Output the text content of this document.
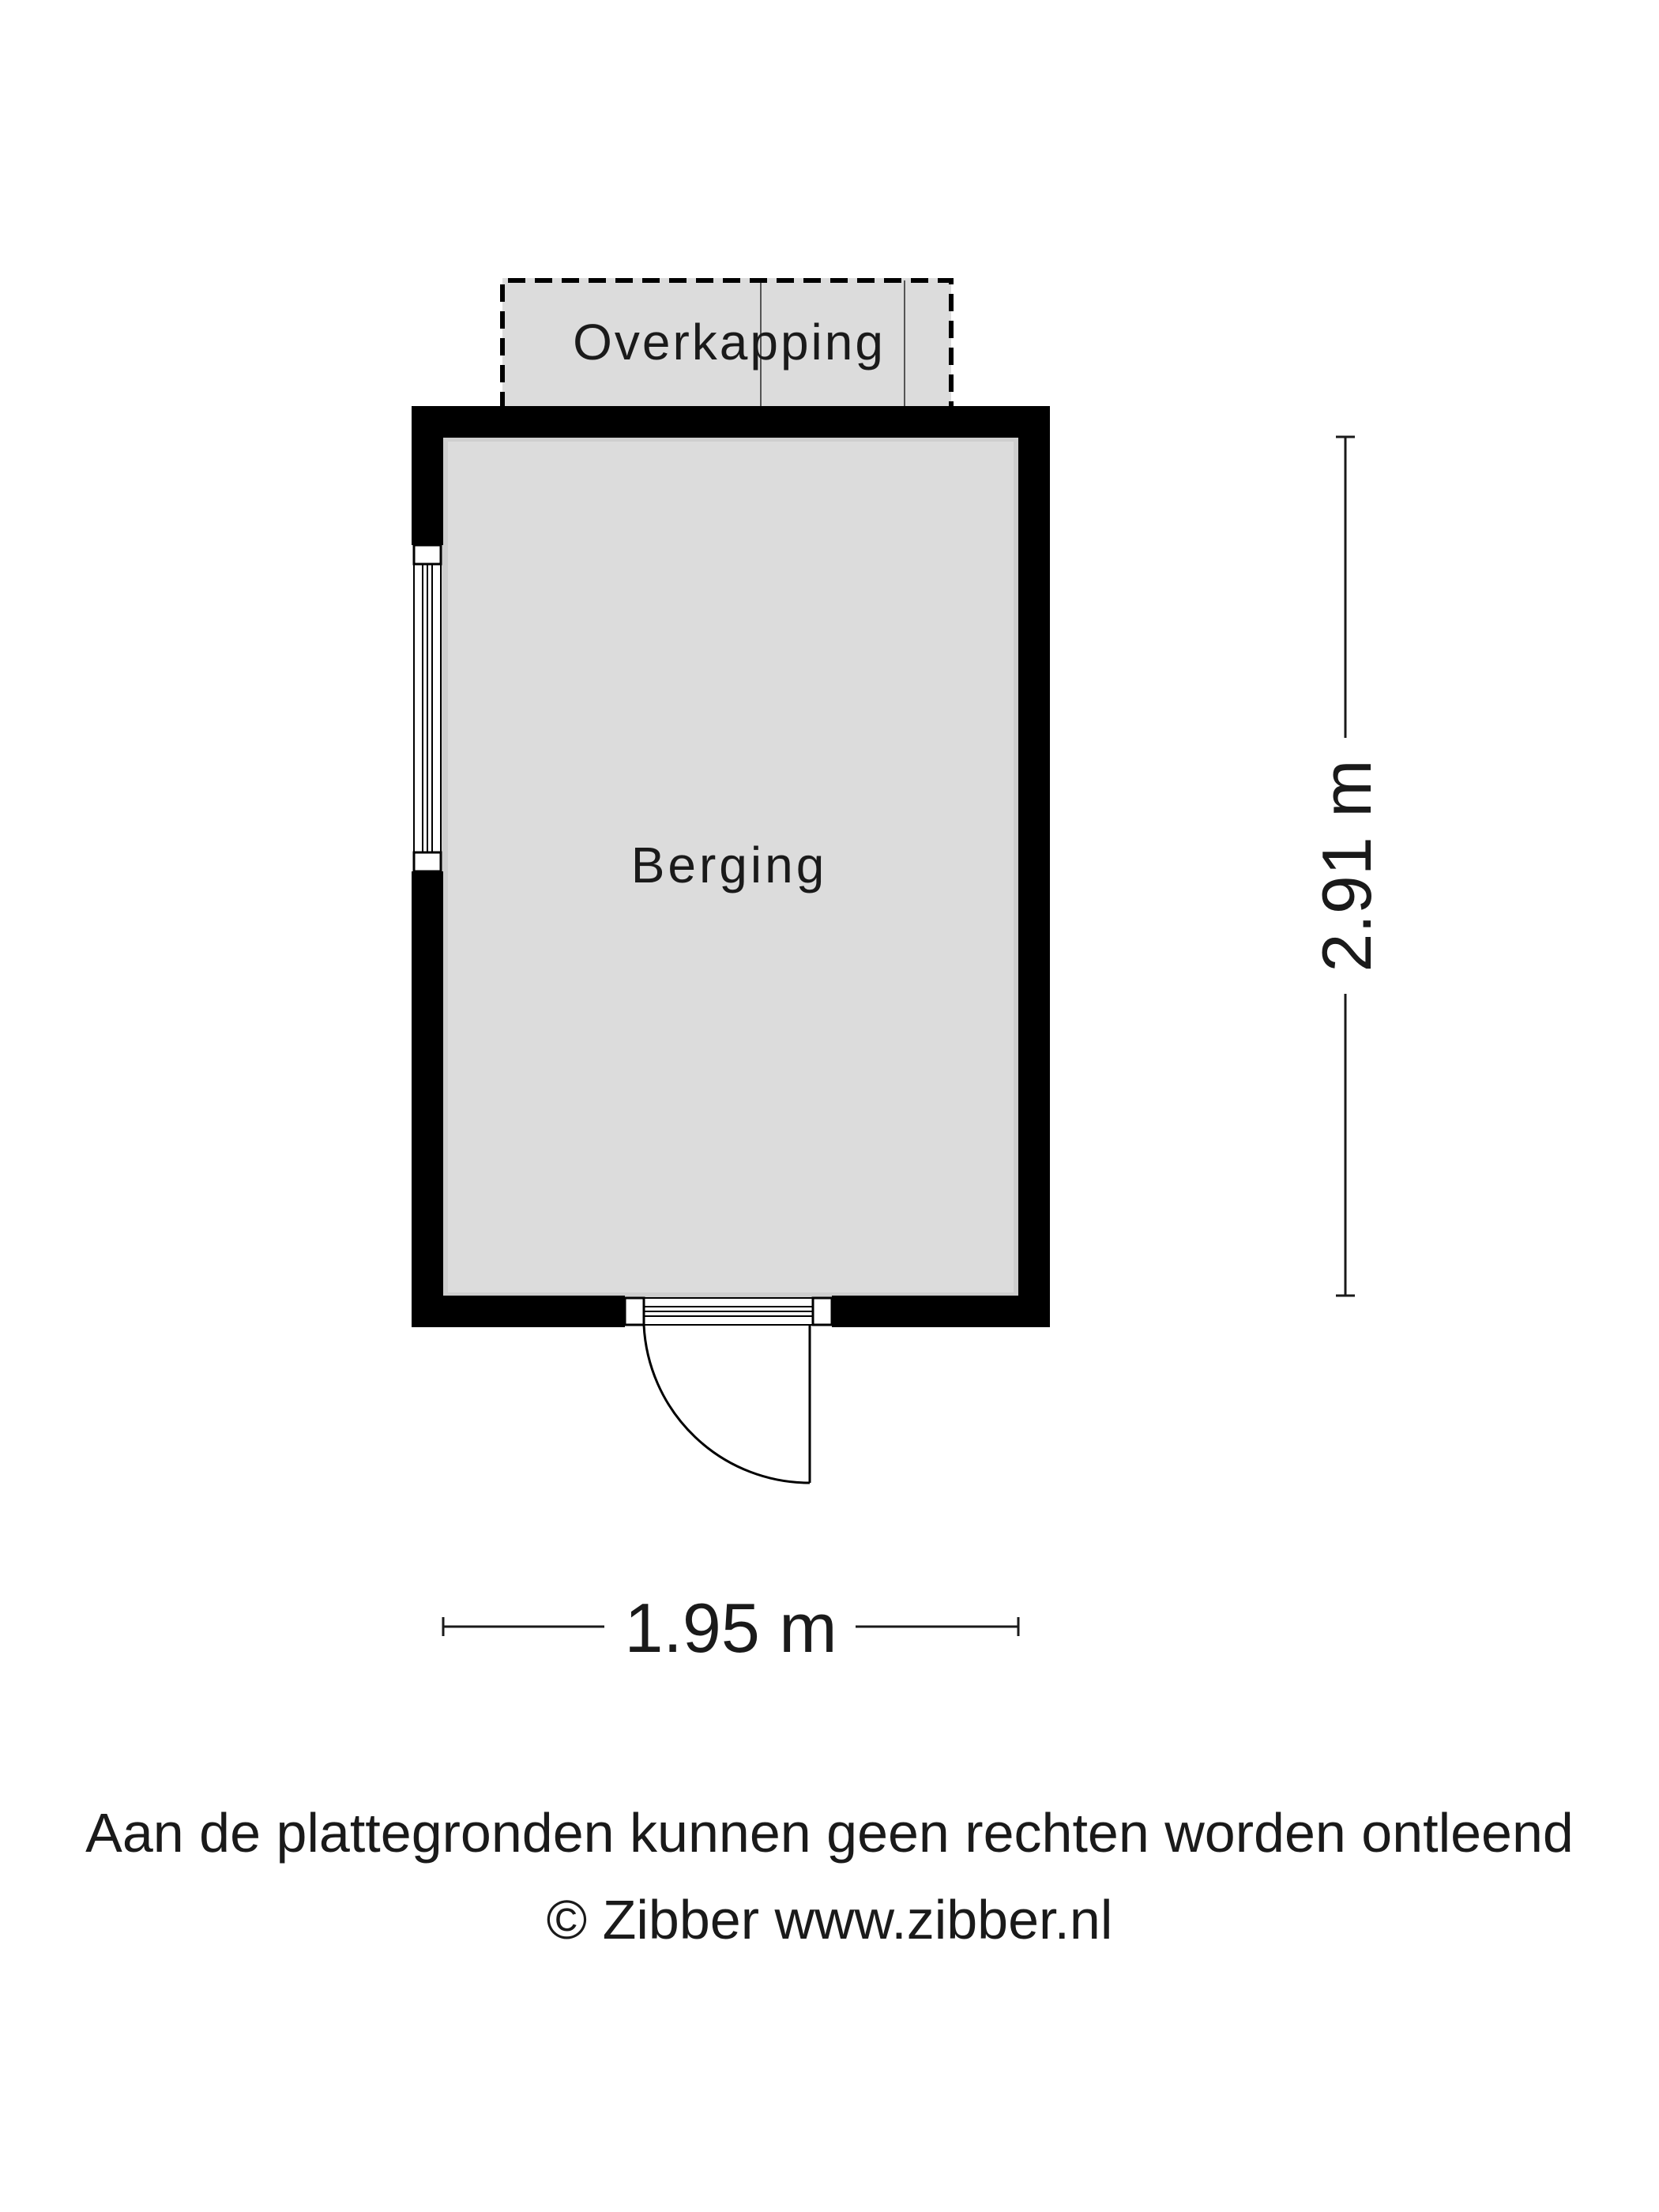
Overkapping
Berging
1.95 m
2.91 m
Aan de plattegronden kunnen geen rechten worden ontleend
© Zibber www.zibber.nl
